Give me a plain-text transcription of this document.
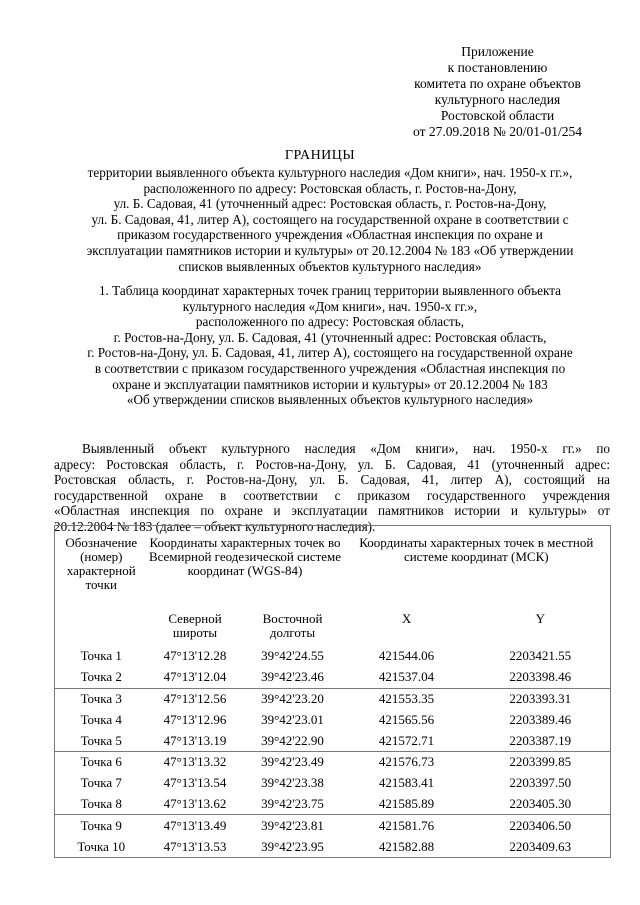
Приложение
к постановлению
комитета по охране объектов
культурного наследия
Ростовской области
от 27.09.2018 № 20/01-01/254
ГРАНИЦЫ
территории выявленного объекта культурного наследия «Дом книги», нач. 1950-х гг.»,
расположенного по адресу: Ростовская область, г. Ростов-на-Дону,
ул. Б. Садовая, 41 (уточненный адрес: Ростовская область, г. Ростов-на-Дону,
ул. Б. Садовая, 41, литер А), состоящего на государственной охране в соответствии с
приказом государственного учреждения «Областная инспекция по охране и
эксплуатации памятников истории и культуры» от 20.12.2004 № 183 «Об утверждении
списков выявленных объектов культурного наследия»
1. Таблица координат характерных точек границ территории выявленного объекта
культурного наследия «Дом книги», нач. 1950-х гг.»,
расположенного по адресу: Ростовская область,
г. Ростов-на-Дону, ул. Б. Садовая, 41 (уточненный адрес: Ростовская область,
г. Ростов-на-Дону, ул. Б. Садовая, 41, литер А), состоящего на государственной охране
в соответствии с приказом государственного учреждения «Областная инспекция по
охране и эксплуатации памятников истории и культуры» от 20.12.2004 № 183
«Об утверждении списков выявленных объектов культурного наследия»
Выявленный объект культурного наследия «Дом книги», нач. 1950-х гг.» по
адресу: Ростовская область, г. Ростов-на-Дону, ул. Б. Садовая, 41 (уточненный адрес:
Ростовская область, г. Ростов-на-Дону, ул. Б. Садовая, 41, литер А), состоящий на
государственной охране в соответствии с приказом государственного учреждения
«Областная инспекция по охране и эксплуатации памятников истории и культуры» от
20.12.2004 № 183 (далее – объект культурного наследия).
Обозначение (номер) характерной точки	Координаты характерных точек во Всемирной геодезической системе координат (WGS-84)		Координаты характерных точек в местной системе координат (МСК)	
	Северной широты	Восточной долготы	X	Y
Точка 1	47°13'12.28	39°42'24.55	421544.06	2203421.55
Точка 2	47°13'12.04	39°42'23.46	421537.04	2203398.46
Точка 3	47°13'12.56	39°42'23.20	421553.35	2203393.31
Точка 4	47°13'12.96	39°42'23.01	421565.56	2203389.46
Точка 5	47°13'13.19	39°42'22.90	421572.71	2203387.19
Точка 6	47°13'13.32	39°42'23.49	421576.73	2203399.85
Точка 7	47°13'13.54	39°42'23.38	421583.41	2203397.50
Точка 8	47°13'13.62	39°42'23.75	421585.89	2203405.30
Точка 9	47°13'13.49	39°42'23.81	421581.76	2203406.50
Точка 10	47°13'13.53	39°42'23.95	421582.88	2203409.63
